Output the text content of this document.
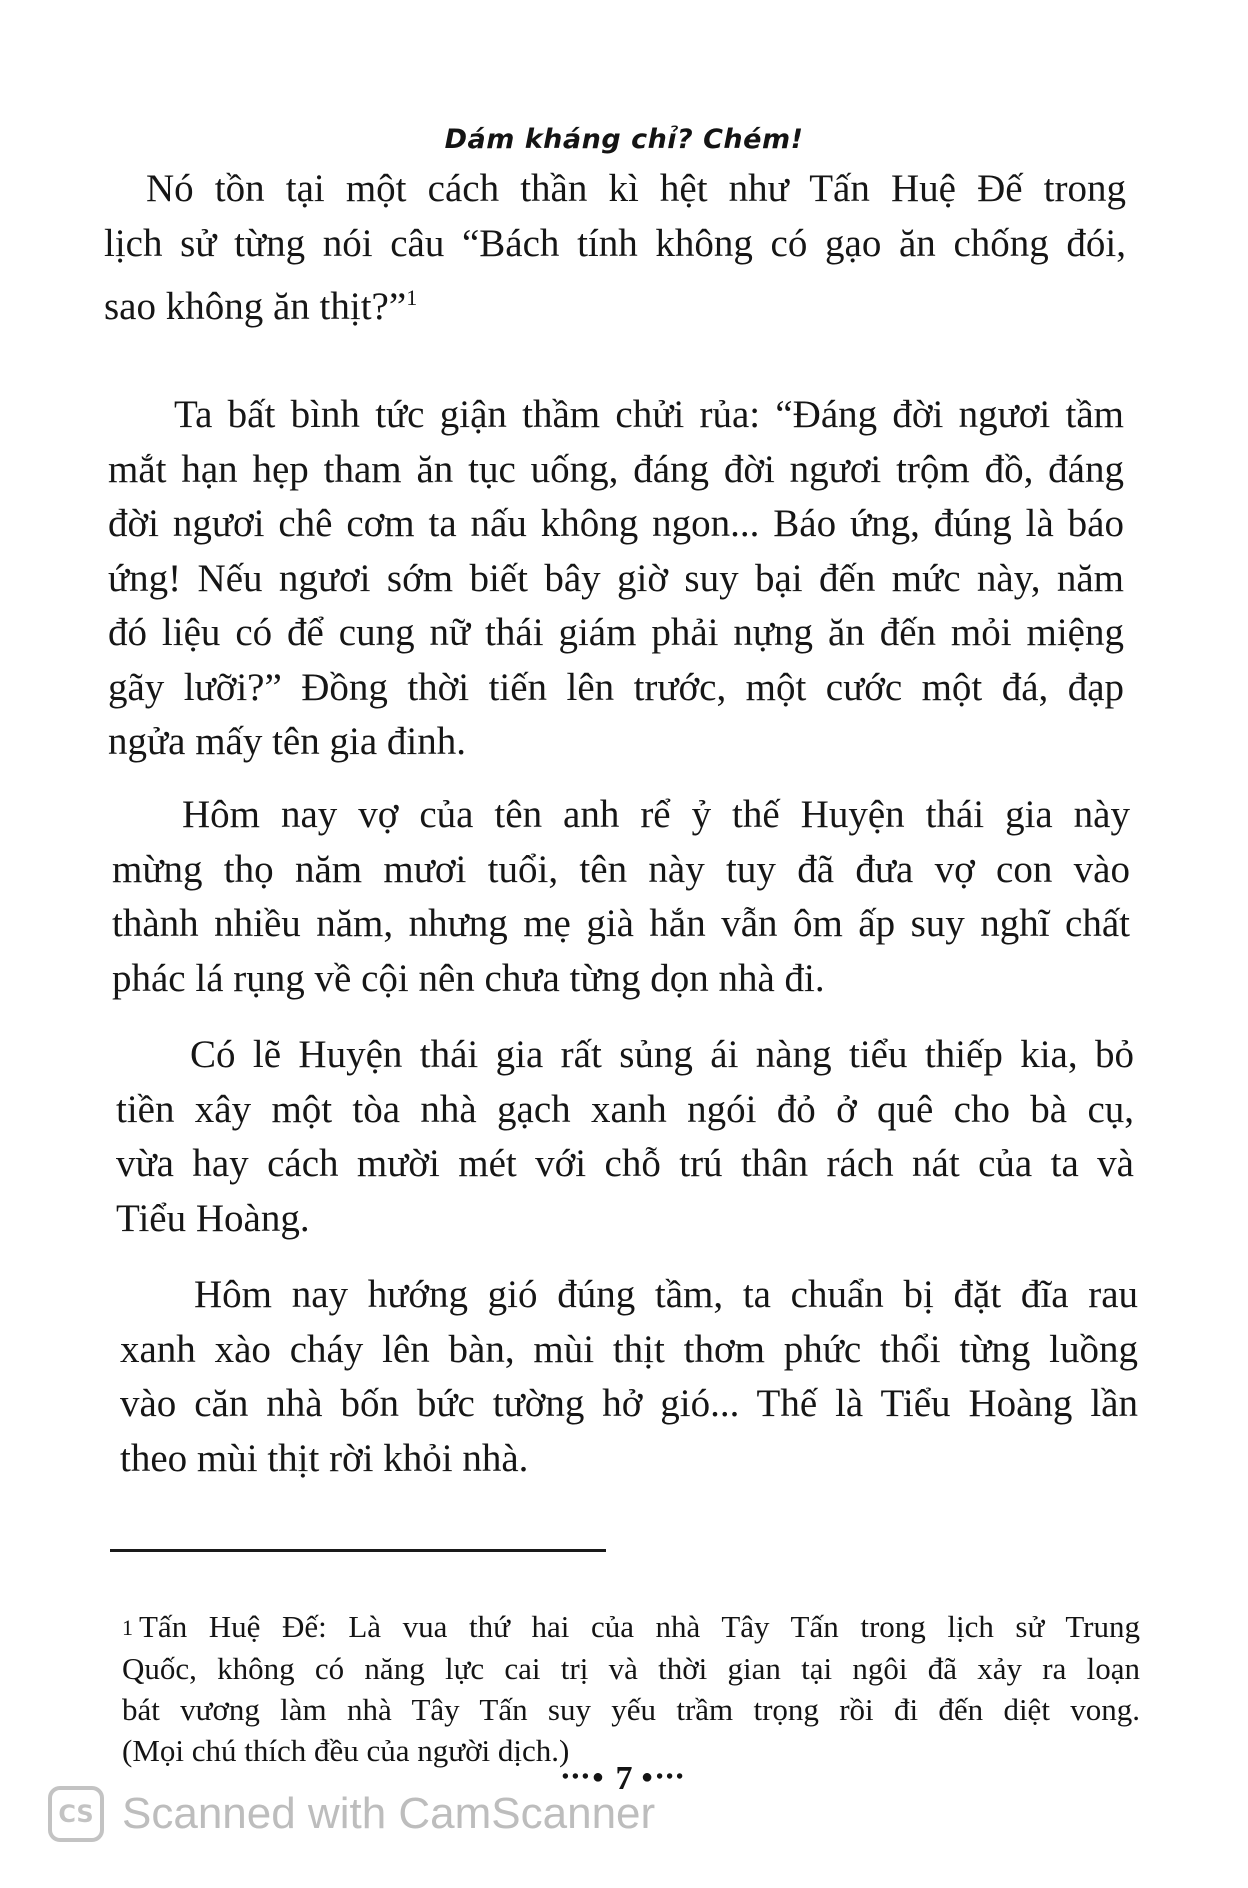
Dám kháng chỉ? Chém!
Nó tồn tại một cách thần kì hệt như Tấn Huệ Đế trong
lịch sử từng nói câu “Bách tính không có gạo ăn chống đói,
sao không ăn thịt?”$^1$
Ta bất bình tức giận thầm chửi rủa: “Đáng đời ngươi tầm
mắt hạn hẹp tham ăn tục uống, đáng đời ngươi trộm đồ, đáng
đời ngươi chê cơm ta nấu không ngon... Báo ứng, đúng là báo
ứng! Nếu ngươi sớm biết bây giờ suy bại đến mức này, năm
đó liệu có để cung nữ thái giám phải nựng ăn đến mỏi miệng
gãy lưỡi?” Đồng thời tiến lên trước, một cước một đá, đạp
ngửa mấy tên gia đinh.
Hôm nay vợ của tên anh rể ỷ thế Huyện thái gia này
mừng thọ năm mươi tuổi, tên này tuy đã đưa vợ con vào
thành nhiều năm, nhưng mẹ già hắn vẫn ôm ấp suy nghĩ chất
phác lá rụng về cội nên chưa từng dọn nhà đi.
Có lẽ Huyện thái gia rất sủng ái nàng tiểu thiếp kia, bỏ
tiền xây một tòa nhà gạch xanh ngói đỏ ở quê cho bà cụ,
vừa hay cách mười mét với chỗ trú thân rách nát của ta và
Tiểu Hoàng.
Hôm nay hướng gió đúng tầm, ta chuẩn bị đặt đĩa rau
xanh xào cháy lên bàn, mùi thịt thơm phức thổi từng luồng
vào căn nhà bốn bức tường hở gió... Thế là Tiểu Hoàng lần
theo mùi thịt rời khỏi nhà.
1 Tấn Huệ Đế: Là vua thứ hai của nhà Tây Tấn trong lịch sử Trung
Quốc, không có năng lực cai trị và thời gian tại ngôi đã xảy ra loạn
bát vương làm nhà Tây Tấn suy yếu trầm trọng rồi đi đến diệt vong.
(Mọi chú thích đều của người dịch.)
•••● 7 ●•••
CS Scanned with CamScanner
